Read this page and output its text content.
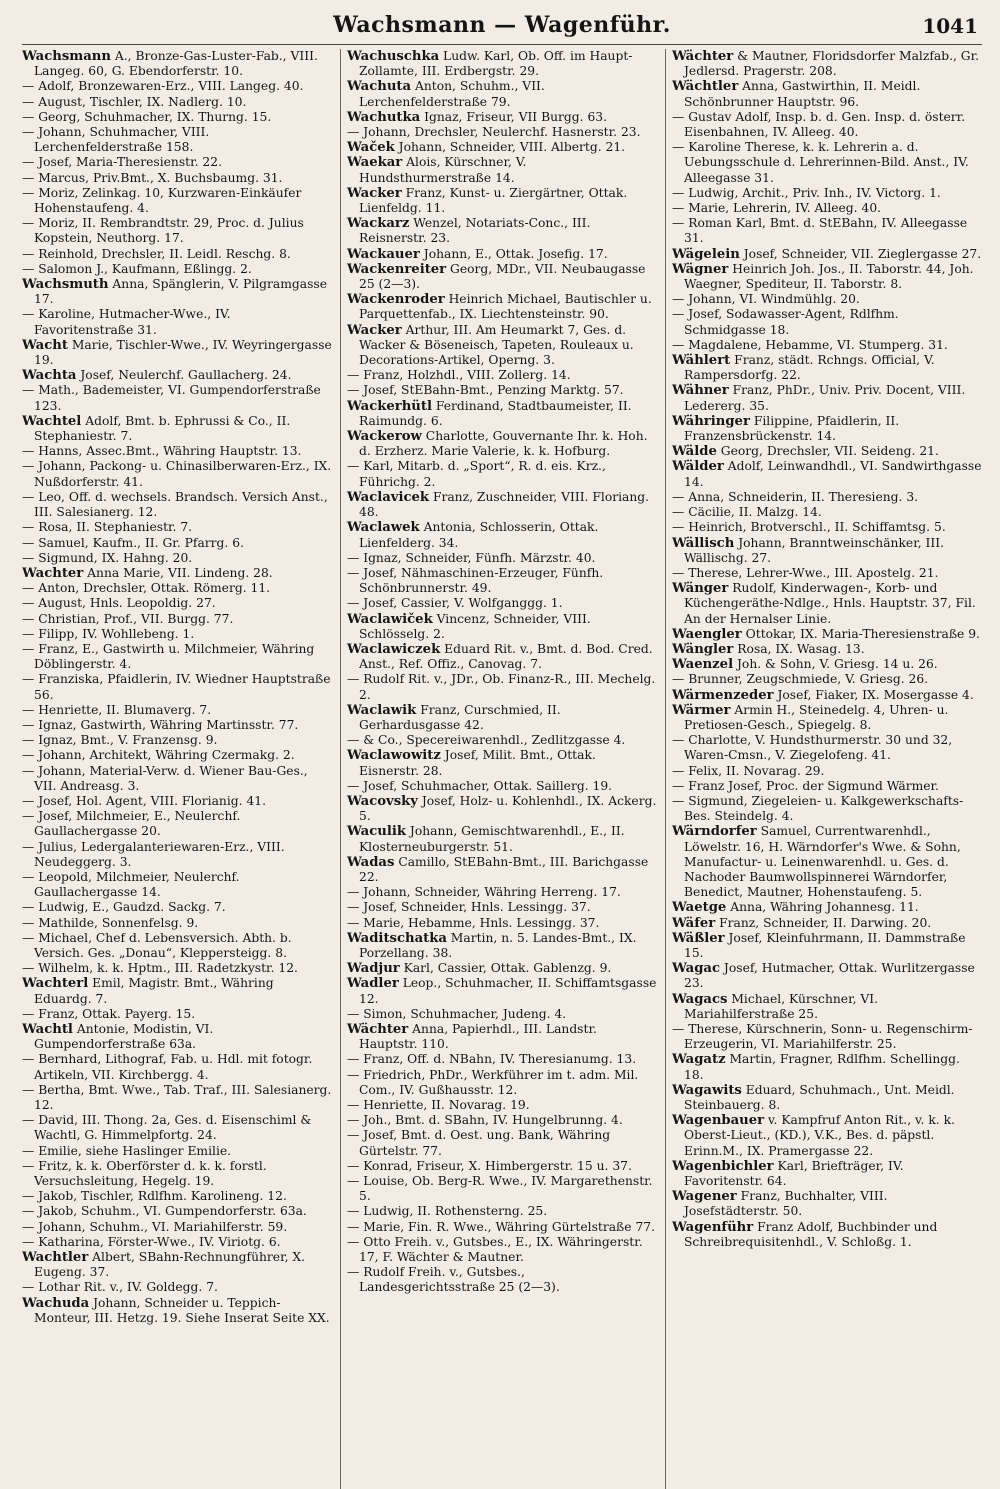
Wachsmann — Wagenführ.	1041

Wachsmann A., Bronze-Gas-Luster-Fab., VIII. Langeg. 60, G. Ebendorferstr. 10.

— Adolf, Bronzewaren-Erz., VIII. Langeg. 40.

— August, Tischler, IX. Nadlerg. 10.

— Georg, Schuhmacher, IX. Thurng. 15.

— Johann, Schuhmacher, VIII. Lerchenfelderstraße 158.

— Josef, Maria-Theresienstr. 22.

— Marcus, Priv.Bmt., X. Buchsbaumg. 31.

— Moriz, Zelinkag. 10, Kurzwaren-Einkäufer Hohenstaufeng. 4.

— Moriz, II. Rembrandtstr. 29, Proc. d. Julius Kopstein, Neuthorg. 17.

— Reinhold, Drechsler, II. Leidl. Reschg. 8.

— Salomon J., Kaufmann, Eßlingg. 2.

Wachsmuth Anna, Spänglerin, V. Pilgramgasse 17.

— Karoline, Hutmacher-Wwe., IV. Favoritenstraße 31.

Wacht Marie, Tischler-Wwe., IV. Weyringergasse 19.

Wachta Josef, Neulerchf. Gaullacherg. 24.

— Math., Bademeister, VI. Gumpendorferstraße 123.

Wachtel Adolf, Bmt. b. Ephrussi & Co., II. Stephaniestr. 7.

— Hanns, Assec.Bmt., Währing Hauptstr. 13.

— Johann, Packong- u. Chinasilberwaren-Erz., IX. Nußdorferstr. 41.

— Leo, Off. d. wechsels. Brandsch. Versich Anst., III. Salesianerg. 12.

— Rosa, II. Stephaniestr. 7.

— Samuel, Kaufm., II. Gr. Pfarrg. 6.

— Sigmund, IX. Hahng. 20.

Wachter Anna Marie, VII. Lindeng. 28.

— Anton, Drechsler, Ottak. Römerg. 11.

— August, Hnls. Leopoldig. 27.

— Christian, Prof., VII. Burgg. 77.

— Filipp, IV. Wohllebeng. 1.

— Franz, E., Gastwirth u. Milchmeier, Währing Döblingerstr. 4.

— Franziska, Pfaidlerin, IV. Wiedner Hauptstraße 56.

— Henriette, II. Blumaverg. 7.

— Ignaz, Gastwirth, Währing Martinsstr. 77.

— Ignaz, Bmt., V. Franzensg. 9.

— Johann, Architekt, Währing Czermakg. 2.

— Johann, Material-Verw. d. Wiener Bau-Ges., VII. Andreasg. 3.

— Josef, Hol. Agent, VIII. Florianig. 41.

— Josef, Milchmeier, E., Neulerchf. Gaullachergasse 20.

— Julius, Ledergalanteriewaren-Erz., VIII. Neudeggerg. 3.

— Leopold, Milchmeier, Neulerchf. Gaullachergasse 14.

— Ludwig, E., Gaudzd. Sackg. 7.

— Mathilde, Sonnenfelsg. 9.

— Michael, Chef d. Lebensversich. Abth. b. Versich. Ges. „Donau“, Kleppersteigg. 8.

— Wilhelm, k. k. Hptm., III. Radetzkystr. 12.

Wachterl Emil, Magistr. Bmt., Währing Eduardg. 7.

— Franz, Ottak. Payerg. 15.

Wachtl Antonie, Modistin, VI. Gumpendorferstraße 63a.

— Bernhard, Lithograf, Fab. u. Hdl. mit fotogr. Artikeln, VII. Kirchbergg. 4.

— Bertha, Bmt. Wwe., Tab. Traf., III. Salesianerg. 12.

— David, III. Thong. 2a, Ges. d. Eisenschiml & Wachtl, G. Himmelpfortg. 24.

— Emilie, siehe Haslinger Emilie.

— Fritz, k. k. Oberförster d. k. k. forstl. Versuchsleitung, Hegelg. 19.

— Jakob, Tischler, Rdlfhm. Karolineng. 12.

— Jakob, Schuhm., VI. Gumpendorferstr. 63a.

— Johann, Schuhm., VI. Mariahilferstr. 59.

— Katharina, Förster-Wwe., IV. Viriotg. 6.

Wachtler Albert, SBahn-Rechnungführer, X. Eugeng. 37.

— Lothar Rit. v., IV. Goldegg. 7.

Wachuda Johann, Schneider u. Teppich-Monteur, III. Hetzg. 19. Siehe Inserat Seite XX.

Wachuschka Ludw. Karl, Ob. Off. im Haupt-Zollamte, III. Erdbergstr. 29.

Wachuta Anton, Schuhm., VII. Lerchenfelderstraße 79.

Wachutka Ignaz, Friseur, VII Burgg. 63.

— Johann, Drechsler, Neulerchf. Hasnerstr. 23.

Waček Johann, Schneider, VIII. Albertg. 21.

Waekar Alois, Kürschner, V. Hundsthurmerstraße 14.

Wacker Franz, Kunst- u. Ziergärtner, Ottak. Lienfeldg. 11.

Wackarz Wenzel, Notariats-Conc., III. Reisnerstr. 23.

Wackauer Johann, E., Ottak. Josefig. 17.

Wackenreiter Georg, MDr., VII. Neubaugasse 25 (2—3).

Wackenroder Heinrich Michael, Bautischler u. Parquettenfab., IX. Liechtensteinstr. 90.

Wacker Arthur, III. Am Heumarkt 7, Ges. d. Wacker & Böseneisch, Tapeten, Rouleaux u. Decorations-Artikel, Operng. 3.

— Franz, Holzhdl., VIII. Zollerg. 14.

— Josef, StEBahn-Bmt., Penzing Marktg. 57.

Wackerhütl Ferdinand, Stadtbaumeister, II. Raimundg. 6.

Wackerow Charlotte, Gouvernante Ihr. k. Hoh. d. Erzherz. Marie Valerie, k. k. Hofburg.

— Karl, Mitarb. d. „Sport“, R. d. eis. Krz., Führichg. 2.

Waclavicek Franz, Zuschneider, VIII. Floriang. 48.

Waclawek Antonia, Schlosserin, Ottak. Lienfelderg. 34.

— Ignaz, Schneider, Fünfh. Märzstr. 40.

— Josef, Nähmaschinen-Erzeuger, Fünfh. Schönbrunnerstr. 49.

— Josef, Cassier, V. Wolfganggg. 1.

Waclawiček Vincenz, Schneider, VIII. Schlösselg. 2.

Waclawiczek Eduard Rit. v., Bmt. d. Bod. Cred. Anst., Ref. Offiz., Canovag. 7.

— Rudolf Rit. v., JDr., Ob. Finanz-R., III. Mechelg. 2.

Waclawik Franz, Curschmied, II. Gerhardusgasse 42.

— & Co., Specereiwarenhdl., Zedlitzgasse 4.

Waclawowitz Josef, Milit. Bmt., Ottak. Eisnerstr. 28.

— Josef, Schuhmacher, Ottak. Saillerg. 19.

Wacovsky Josef, Holz- u. Kohlenhdl., IX. Ackerg. 5.

Waculik Johann, Gemischtwarenhdl., E., II. Klosterneuburgerstr. 51.

Wadas Camillo, StEBahn-Bmt., III. Barichgasse 22.

— Johann, Schneider, Währing Herreng. 17.

— Josef, Schneider, Hnls. Lessingg. 37.

— Marie, Hebamme, Hnls. Lessingg. 37.

Waditschatka Martin, n. 5. Landes-Bmt., IX. Porzellang. 38.

Wadjur Karl, Cassier, Ottak. Gablenzg. 9.

Wadler Leop., Schuhmacher, II. Schiffamtsgasse 12.

— Simon, Schuhmacher, Judeng. 4.

Wächter Anna, Papierhdl., III. Landstr. Hauptstr. 110.

— Franz, Off. d. NBahn, IV. Theresianumg. 13.

— Friedrich, PhDr., Werkführer im t. adm. Mil. Com., IV. Gußhausstr. 12.

— Henriette, II. Novarag. 19.

— Joh., Bmt. d. SBahn, IV. Hungelbrunng. 4.

— Josef, Bmt. d. Oest. ung. Bank, Währing Gürtelstr. 77.

— Konrad, Friseur, X. Himbergerstr. 15 u. 37.

— Louise, Ob. Berg-R. Wwe., IV. Margarethenstr. 5.

— Ludwig, II. Rothensterng. 25.

— Marie, Fin. R. Wwe., Währing Gürtelstraße 77.

— Otto Freih. v., Gutsbes., E., IX. Währingerstr. 17, F. Wächter & Mautner.

— Rudolf Freih. v., Gutsbes., Landesgerichtsstraße 25 (2—3).

Wächter & Mautner, Floridsdorfer Malzfab., Gr. Jedlersd. Pragerstr. 208.

Wächtler Anna, Gastwirthin, II. Meidl. Schönbrunner Hauptstr. 96.

— Gustav Adolf, Insp. b. d. Gen. Insp. d. österr. Eisenbahnen, IV. Alleeg. 40.

— Karoline Therese, k. k. Lehrerin a. d. Uebungsschule d. Lehrerinnen-Bild. Anst., IV. Alleegasse 31.

— Ludwig, Archit., Priv. Inh., IV. Victorg. 1.

— Marie, Lehrerin, IV. Alleeg. 40.

— Roman Karl, Bmt. d. StEBahn, IV. Alleegasse 31.

Wägelein Josef, Schneider, VII. Zieglergasse 27.

Wägner Heinrich Joh. Jos., II. Taborstr. 44, Joh. Waegner, Spediteur, II. Taborstr. 8.

— Johann, VI. Windmühlg. 20.

— Josef, Sodawasser-Agent, Rdlfhm. Schmidgasse 18.

— Magdalene, Hebamme, VI. Stumperg. 31.

Wählert Franz, städt. Rchngs. Official, V. Rampersdorfg. 22.

Wähner Franz, PhDr., Univ. Priv. Docent, VIII. Ledererg. 35.

Währinger Filippine, Pfaidlerin, II. Franzensbrückenstr. 14.

Wälde Georg, Drechsler, VII. Seideng. 21.

Wälder Adolf, Leinwandhdl., VI. Sandwirthgasse 14.

— Anna, Schneiderin, II. Theresieng. 3.

— Cäcilie, II. Malzg. 14.

— Heinrich, Brotverschl., II. Schiffamtsg. 5.

Wällisch Johann, Branntweinschänker, III. Wällischg. 27.

— Therese, Lehrer-Wwe., III. Apostelg. 21.

Wänger Rudolf, Kinderwagen-, Korb- und Küchengeräthe-Ndlge., Hnls. Hauptstr. 37, Fil. An der Hernalser Linie.

Waengler Ottokar, IX. Maria-Theresienstraße 9.

Wängler Rosa, IX. Wasag. 13.

Waenzel Joh. & Sohn, V. Griesg. 14 u. 26.

— Brunner, Zeugschmiede, V. Griesg. 26.

Wärmenzeder Josef, Fiaker, IX. Mosergasse 4.

Wärmer Armin H., Steinedelg. 4, Uhren- u. Pretiosen-Gesch., Spiegelg. 8.

— Charlotte, V. Hundsthurmerstr. 30 und 32, Waren-Cmsn., V. Ziegelofeng. 41.

— Felix, II. Novarag. 29.

— Franz Josef, Proc. der Sigmund Wärmer.

— Sigmund, Ziegeleien- u. Kalkgewerkschafts-Bes. Steindelg. 4.

Wärndorfer Samuel, Currentwarenhdl., Löwelstr. 16, H. Wärndorfer's Wwe. & Sohn, Manufactur- u. Leinenwarenhdl. u. Ges. d. Nachoder Baumwollspinnerei Wärndorfer, Benedict, Mautner, Hohenstaufeng. 5.

Waetge Anna, Währing Johannesg. 11.

Wäfer Franz, Schneider, II. Darwing. 20.

Wäßler Josef, Kleinfuhrmann, II. Dammstraße 15.

Wagac Josef, Hutmacher, Ottak. Wurlitzergasse 23.

Wagacs Michael, Kürschner, VI. Mariahilferstraße 25.

— Therese, Kürschnerin, Sonn- u. Regenschirm-Erzeugerin, VI. Mariahilferstr. 25.

Wagatz Martin, Fragner, Rdlfhm. Schellingg. 18.

Wagawits Eduard, Schuhmach., Unt. Meidl. Steinbauerg. 8.

Wagenbauer v. Kampfruf Anton Rit., v. k. k. Oberst-Lieut., (KD.), V.K., Bes. d. päpstl. Erinn.M., IX. Pramergasse 22.

Wagenbichler Karl, Briefträger, IV. Favoritenstr. 64.

Wagener Franz, Buchhalter, VIII. Josefstädterstr. 50.

Wagenführ Franz Adolf, Buchbinder und Schreibrequisitenhdl., V. Schloßg. 1.
